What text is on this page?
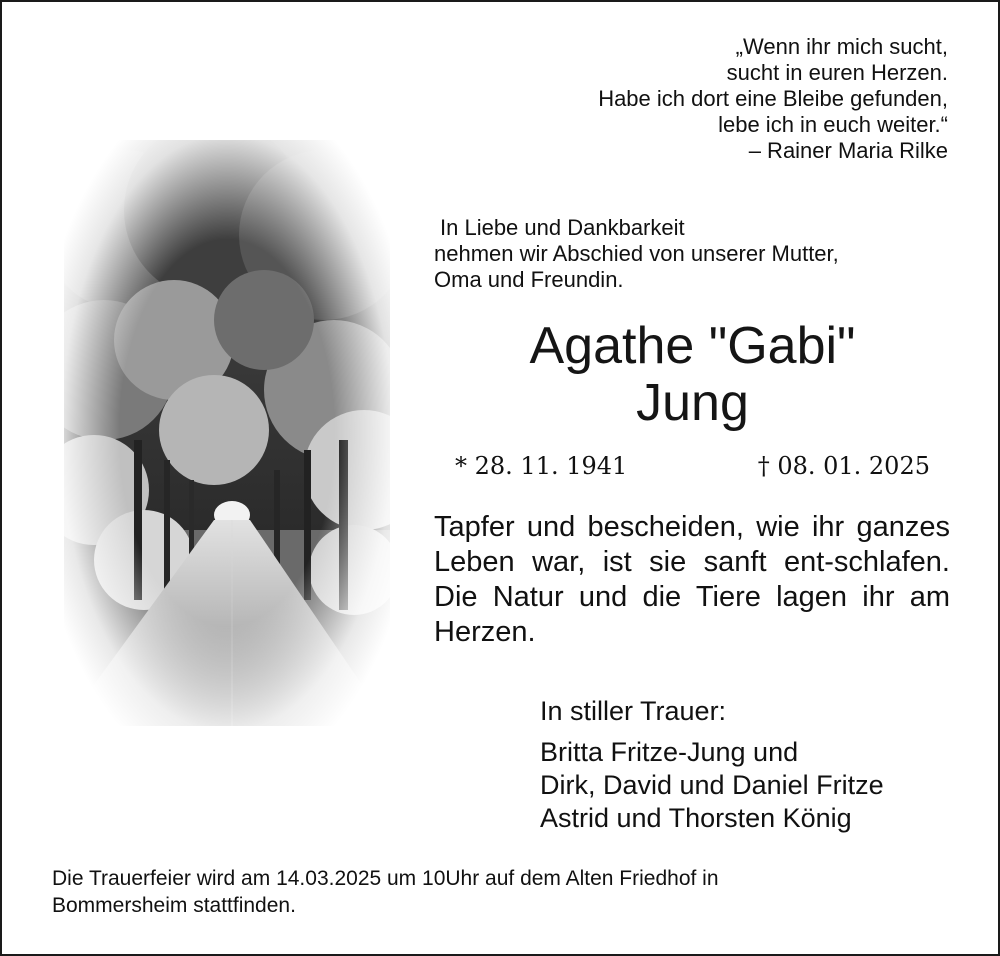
„Wenn ihr mich sucht,
sucht in euren Herzen.
Habe ich dort eine Bleibe gefunden,
lebe ich in euch weiter.“
– Rainer Maria Rilke
In Liebe und Dankbarkeit
nehmen wir Abschied von unserer Mutter,
Oma und Freundin.
Agathe "Gabi"
Jung
* 28. 11. 1941	† 08. 01. 2025
Tapfer und bescheiden, wie ihr ganzes Leben war, ist sie sanft ent-schlafen. Die Natur und die Tiere lagen ihr am Herzen.
In stiller Trauer:
Britta Fritze-Jung und
Dirk, David und Daniel Fritze
Astrid und Thorsten König
Die Trauerfeier wird am 14.03.2025 um 10Uhr auf dem Alten Friedhof in
Bommersheim stattfinden.
